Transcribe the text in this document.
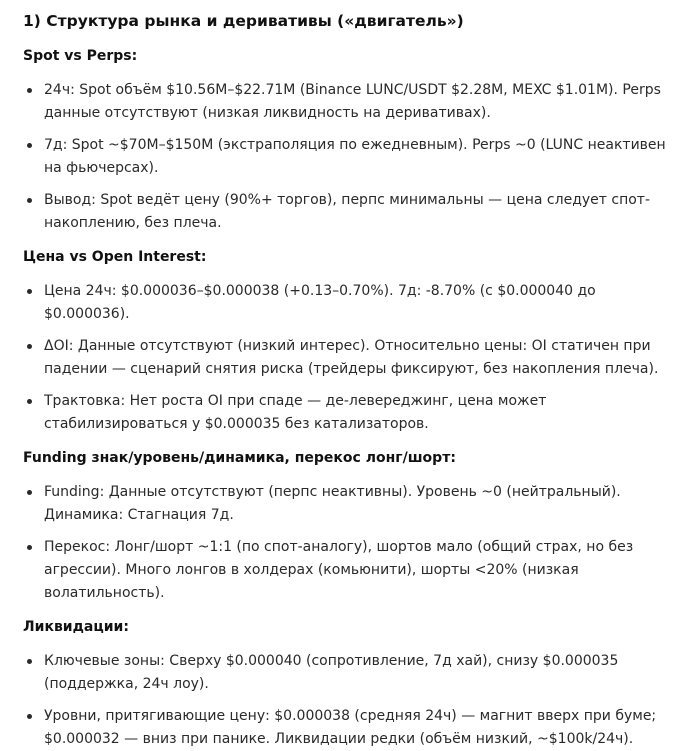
1) Структура рынка и деривативы («двигатель»)
Spot vs Perps:
24ч: Spot объём $10.56M–$22.71M (Binance LUNC/USDT $2.28M, MEXC $1.01M). Perps данные отсутствуют (низкая ликвидность на деривативах).
7д: Spot ~$70M–$150M (экстраполяция по ежедневным). Perps ~0 (LUNC неактивен на фьючерсах).
Вывод: Spot ведёт цену (90%+ торгов), перпс минимальны — цена следует спот-накоплению, без плеча.
Цена vs Open Interest:
Цена 24ч: $0.000036–$0.000038 (+0.13–0.70%). 7д: -8.70% (с $0.000040 до $0.000036).
ΔOI: Данные отсутствуют (низкий интерес). Относительно цены: OI статичен при падении — сценарий снятия риска (трейдеры фиксируют, без накопления плеча).
Трактовка: Нет роста OI при спаде — де-левереджинг, цена может стабилизироваться у $0.000035 без катализаторов.
Funding знак/уровень/динамика, перекос лонг/шорт:
Funding: Данные отсутствуют (перпс неактивны). Уровень ~0 (нейтральный). Динамика: Стагнация 7д.
Перекос: Лонг/шорт ~1:1 (по спот-аналогу), шортов мало (общий страх, но без агрессии). Много лонгов в холдерах (комьюнити), шорты <20% (низкая волатильность).
Ликвидации:
Ключевые зоны: Сверху $0.000040 (сопротивление, 7д хай), снизу $0.000035 (поддержка, 24ч лоу).
Уровни, притягивающие цену: $0.000038 (средняя 24ч) — магнит вверх при буме; $0.000032 — вниз при панике. Ликвидации редки (объём низкий, ~$100k/24ч).
